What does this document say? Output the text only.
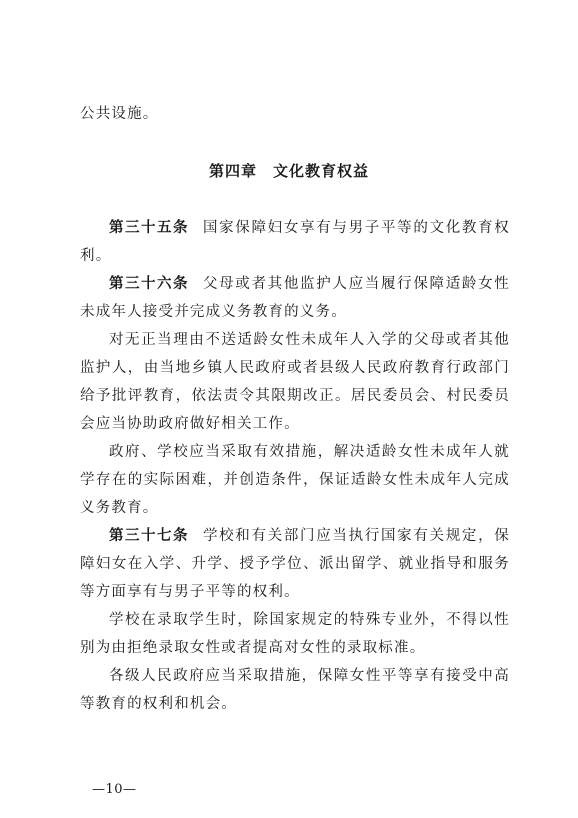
公共设施。

第四章　文化教育权益

第三十五条 国家保障妇女享有与男子平等的文化教育权利。

第三十六条 父母或者其他监护人应当履行保障适龄女性未成年人接受并完成义务教育的义务。

对无正当理由不送适龄女性未成年人入学的父母或者其他监护人，由当地乡镇人民政府或者县级人民政府教育行政部门给予批评教育，依法责令其限期改正。居民委员会、村民委员会应当协助政府做好相关工作。

政府、学校应当采取有效措施，解决适龄女性未成年人就学存在的实际困难，并创造条件，保证适龄女性未成年人完成义务教育。

第三十七条 学校和有关部门应当执行国家有关规定，保障妇女在入学、升学、授予学位、派出留学、就业指导和服务等方面享有与男子平等的权利。

学校在录取学生时，除国家规定的特殊专业外，不得以性别为由拒绝录取女性或者提高对女性的录取标准。

各级人民政府应当采取措施，保障女性平等享有接受中高等教育的权利和机会。

—10—
